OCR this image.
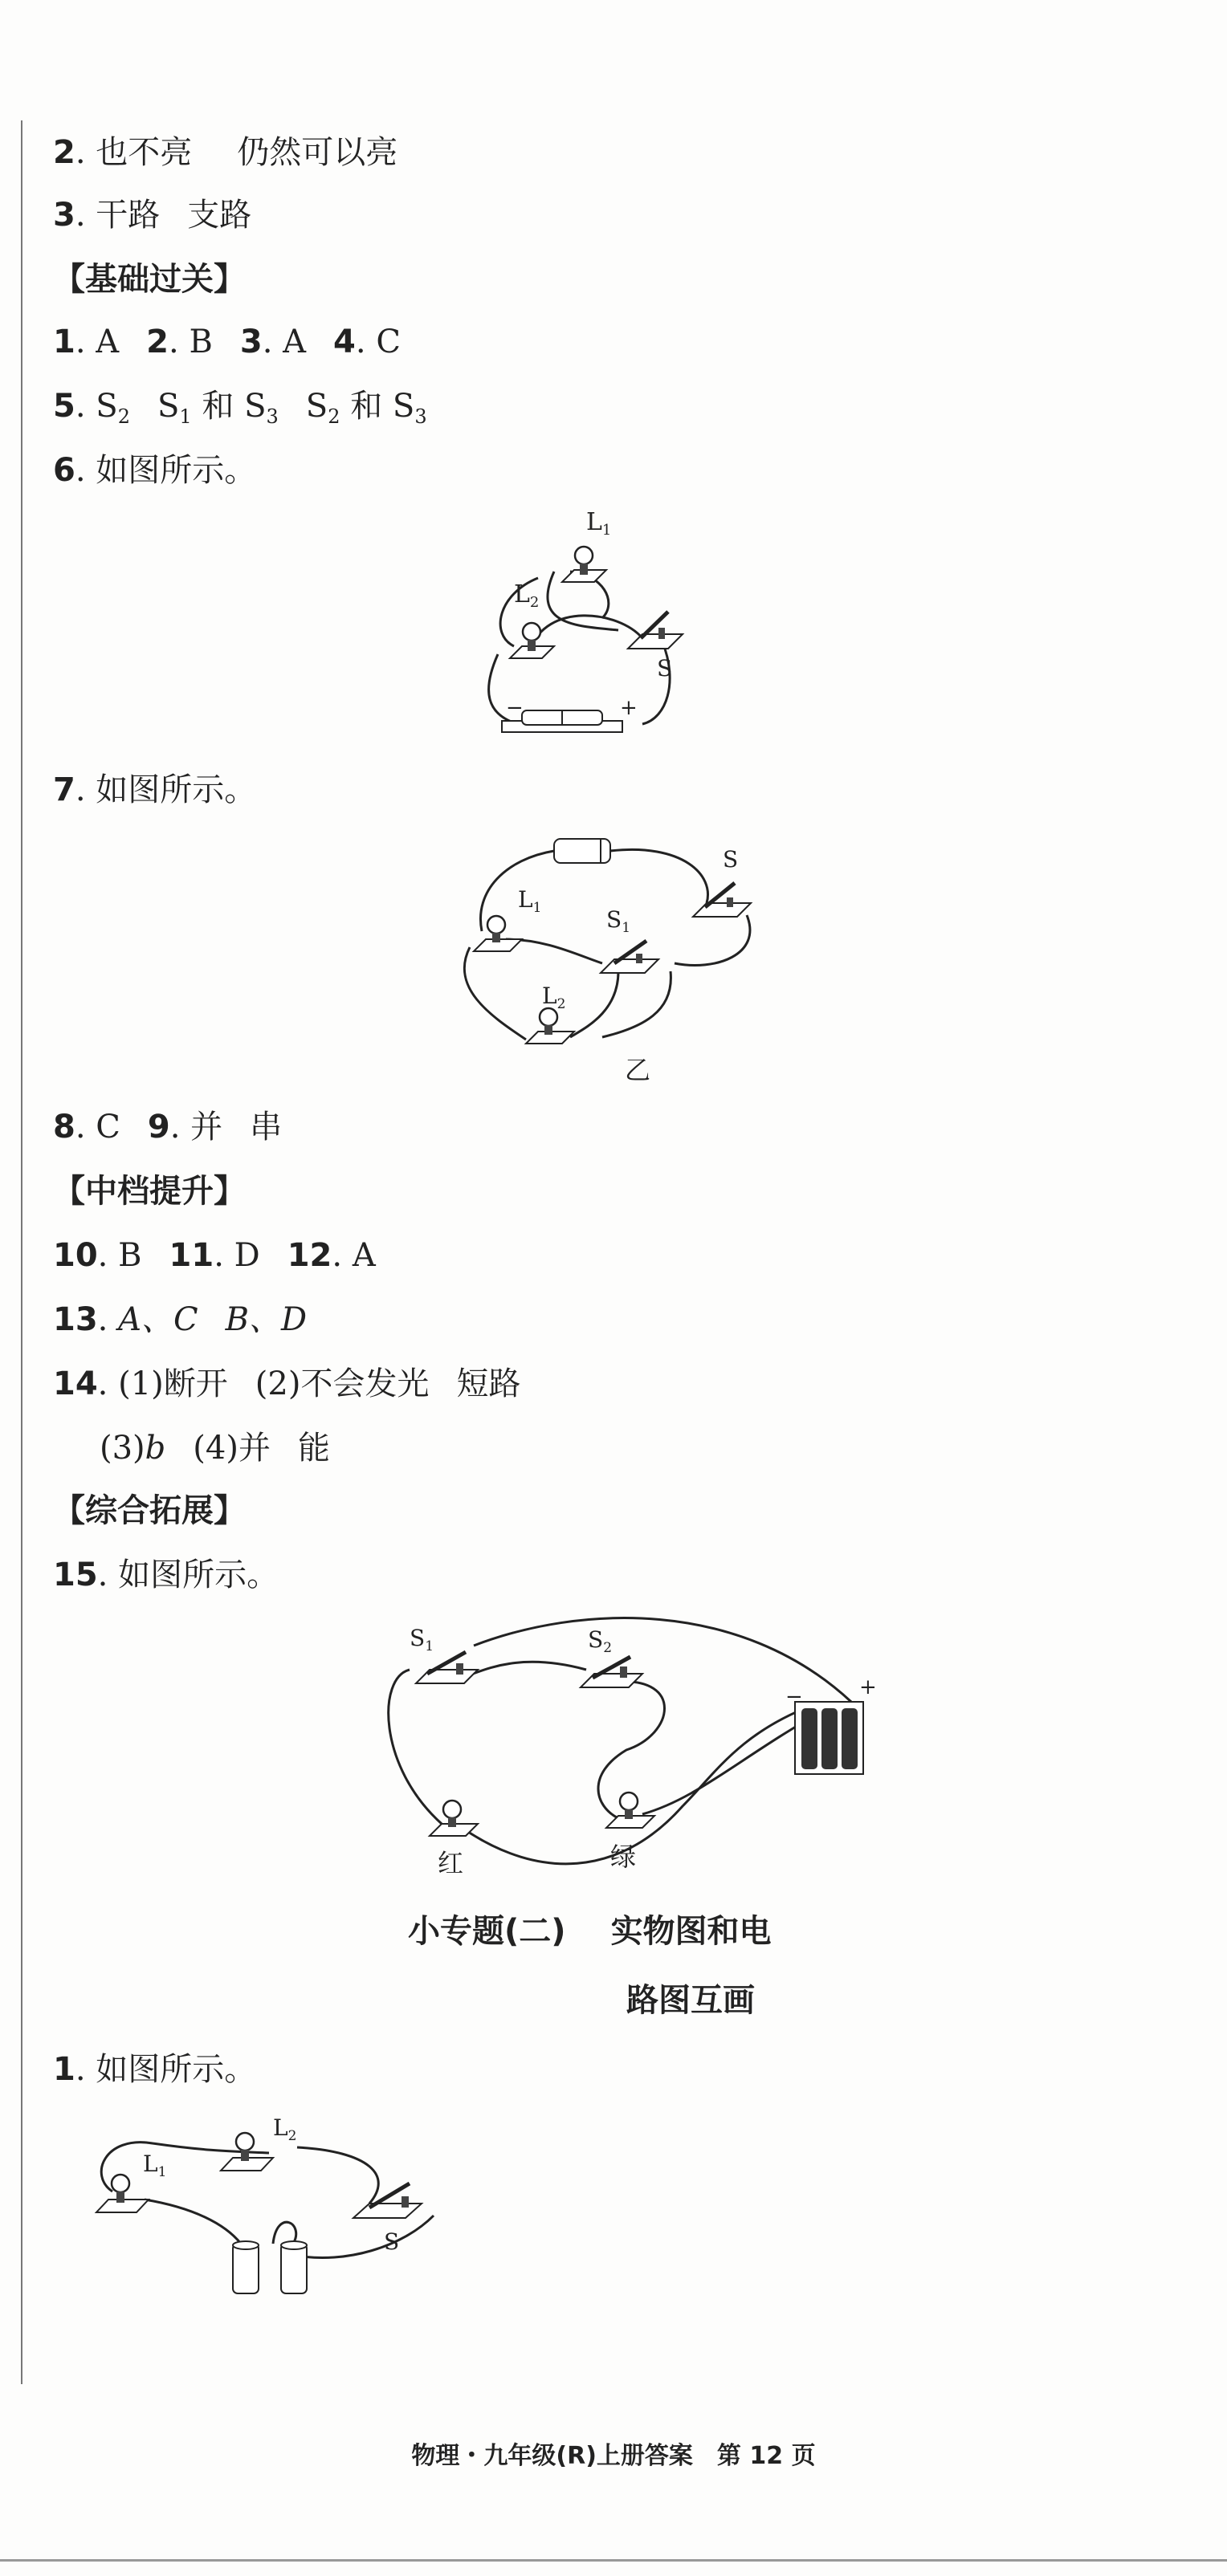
2. 也不亮 仍然可以亮
3. 干路 支路
【基础过关】
1. A 2. B 3. A 4. C
5. $S_2$ $S_1$ 和 $S_3$ $S_2$ 和 $S_3$
6. 如图所示。
$L_1$
$L_2$
S
−	+
7. 如图所示。
S
$L_1$	$S_1$
$L_2$
乙
8. C 9. 并 串
【中档提升】
10. B 11. D 12. A
13. A、C B、D
14. (1)断开 (2)不会发光 短路
(3)b (4)并 能
【综合拓展】
15. 如图所示。
$S_1$	$S_2$
−	+
红	绿
小专题(二) 实物图和电
路图互画
1. 如图所示。
$L_1$
$L_2$
S
物理・九年级(R)上册答案　第 12 页
